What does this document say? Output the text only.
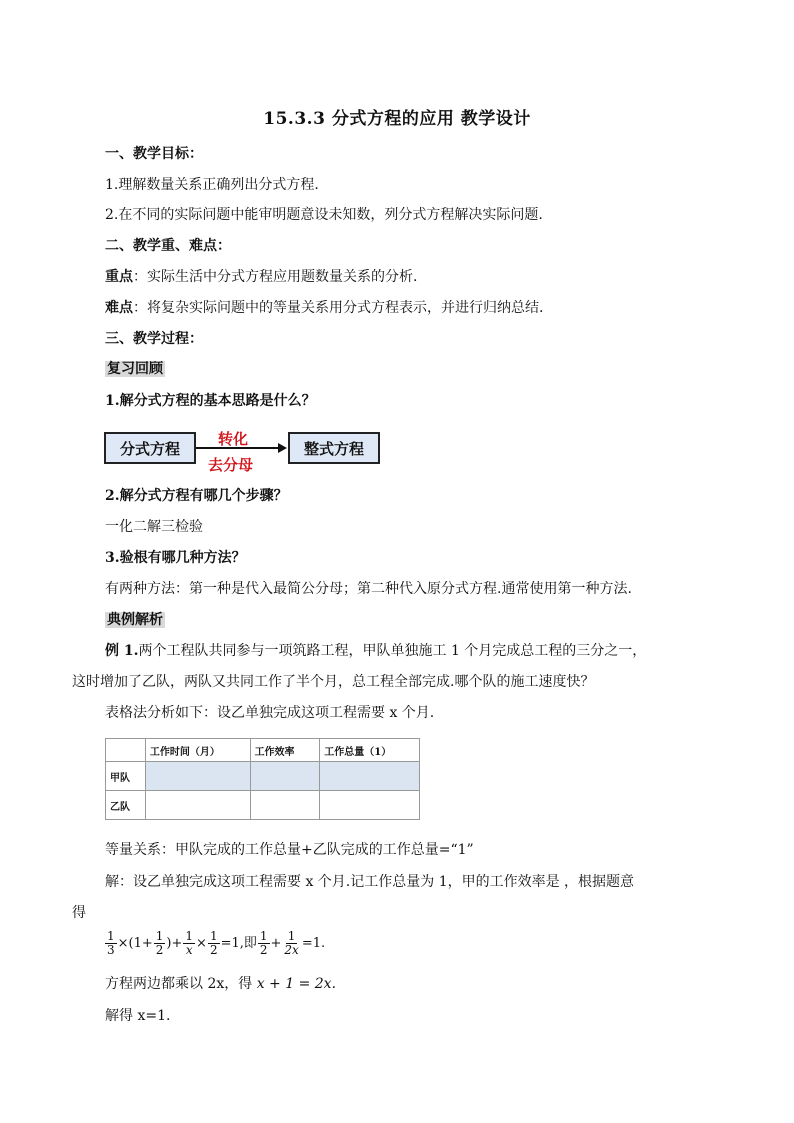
15.3.3 分式方程的应用 教学设计
一、教学目标：
1.理解数量关系正确列出分式方程.
2.在不同的实际问题中能审明题意设未知数，列分式方程解决实际问题.
二、教学重、难点：
重点：实际生活中分式方程应用题数量关系的分析.
难点：将复杂实际问题中的等量关系用分式方程表示，并进行归纳总结.
三、教学过程：
复习回顾
1.解分式方程的基本思路是什么？
分式方程
转化
去分母
整式方程
2.解分式方程有哪几个步骤？
一化二解三检验
3.验根有哪几种方法？
有两种方法：第一种是代入最简公分母；第二种代入原分式方程.通常使用第一种方法.
典例解析
例 1.两个工程队共同参与一项筑路工程，甲队单独施工 1 个月完成总工程的三分之一，
这时增加了乙队，两队又共同工作了半个月，总工程全部完成.哪个队的施工速度快？
表格法分析如下：设乙单独完成这项工程需要 x 个月.
	工作时间（月）	工作效率	工作总量（1）
甲队			
乙队			
等量关系：甲队完成的工作总量+乙队完成的工作总量=“1”
解：设乙单独完成这项工程需要 x 个月.记工作总量为 1，甲的工作效率是 ，根据题意
得
$\frac{1}{3} \times(1+ \frac{1}{2}$ )+ $\frac{1}{x} \times \frac{1}{2} =1$,即 $\frac{1}{2} + \frac{1}{2x} =1$.
方程两边都乘以 2x，得 x + 1 = 2x.
解得 x=1.
